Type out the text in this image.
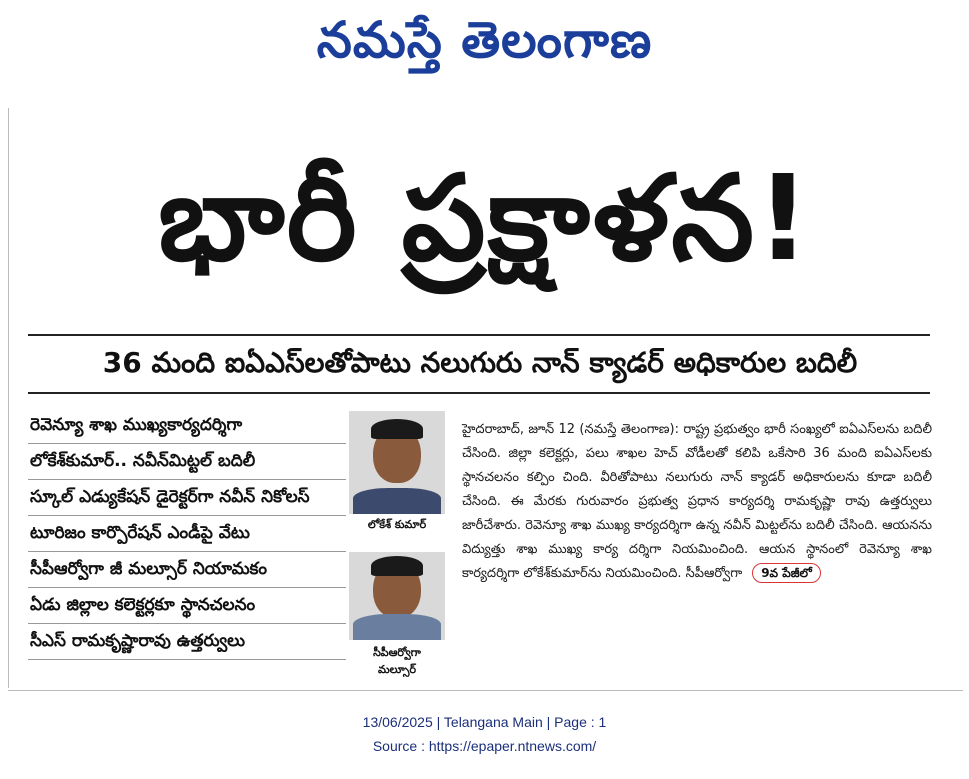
నమస్తే తెలంగాణ
భారీ ప్రక్షాళన!
36 మంది ఐఏఎస్‌లతోపాటు నలుగురు నాన్ క్యాడర్ అధికారుల బదిలీ
రెవెన్యూ శాఖ ముఖ్యకార్యదర్శిగా
లోకేశ్‌కుమార్.. నవీన్‌మిట్టల్ బదిలీ
స్కూల్ ఎడ్యుకేషన్ డైరెక్టర్‌గా నవీన్ నికోలస్
టూరిజం కార్పొరేషన్ ఎండీపై వేటు
సీపీఆర్వోగా జీ మల్సూర్ నియామకం
ఏడు జిల్లాల కలెక్టర్లకూ స్థానచలనం
సీఎస్ రామకృష్ణారావు ఉత్తర్వులు
లోకేశ్ కుమార్
సీపీఆర్వోగా
మల్సూర్
హైదరాబాద్, జూన్ 12 (నమస్తే తెలంగాణ): రాష్ట్ర ప్రభుత్వం భారీ సంఖ్యలో ఐఏఎస్‌లను బదిలీ చేసింది. జిల్లా కలెక్టర్లు, పలు శాఖల హెచ్ వోడీలతో కలిపి ఒకేసారి 36 మంది ఐఏఎస్‌లకు స్థానచలనం కల్పిం చింది. వీరితోపాటు నలుగురు నాన్ క్యాడర్ అధికారులను కూడా బదిలీ చేసింది. ఈ మేరకు గురువారం ప్రభుత్వ ప్రధాన కార్యదర్శి రామకృష్ణా రావు ఉత్తర్వులు జారీచేశారు. రెవెన్యూ శాఖ ముఖ్య కార్యదర్శిగా ఉన్న నవీన్ మిట్టల్‌ను బదిలీ చేసింది. ఆయనను విద్యుత్తు శాఖ ముఖ్య కార్య దర్శిగా నియమించింది. ఆయన స్థానంలో రెవెన్యూ శాఖ కార్యదర్శిగా లోకేశ్‌కుమార్‌ను నియమించింది. సీపీఆర్వోగా 9వ పేజీలో
13/06/2025 | Telangana Main | Page : 1
Source : https://epaper.ntnews.com/
